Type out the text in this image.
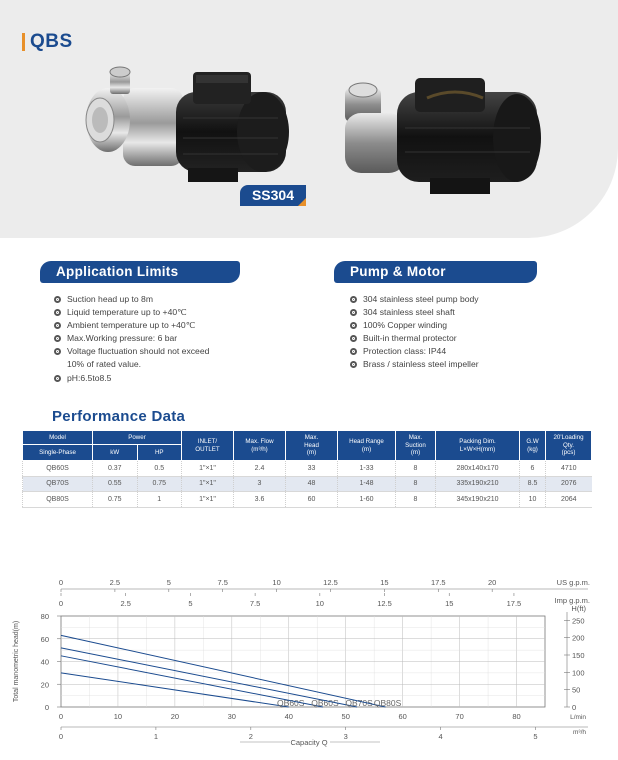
QBS
SS304
Application Limits	Pump & Motor
Suction head up to 8m
Liquid temperature up to +40℃
Ambient temperature up to +40℃
Max.Working pressure: 6 bar
Voltage fluctuation should not exceed
10% of rated value.
pH:6.5to8.5
304 stainless steel pump body
304 stainless steel shaft
100% Copper winding
Built-in thermal protector
Protection class: IP44
Brass / stainless steel impeller
Performance Data
Model	Power		INLET/
OUTLET	Max. Flow
(m³/h)	Max.
Head
(m)	Head Range
(m)	Max.
Suction
(m)	Packing Dim.
L×W×H(mm)	G.W
(kg)	20'Loading
Qty.
(pcs)
Single-Phase	kW	HP								
QB60S	0.37	0.5	1"×1"	2.4	33	1-33	8	280x140x170	6	4710
QB70S	0.55	0.75	1"×1"	3	48	1-48	8	335x190x210	8.5	2076
QB80S	0.75	1	1"×1"	3.6	60	1-60	8	345x190x210	10	2064
0
20
40
60
80
Total manometric head(m)
0
50
100
150
200
250
H(ft)
0	2.5	5	7.5	10	12.5	15	17.5	20	US g.p.m.
0	2.5	5	7.5	10	12.5	15	17.5	Imp g.p.m.
0	10	20	30	40	50	60	70	80	L/min
0	1	2	3	4	5	m³/h
Capacity Q
QB60S QB60S QB70S QB80S
